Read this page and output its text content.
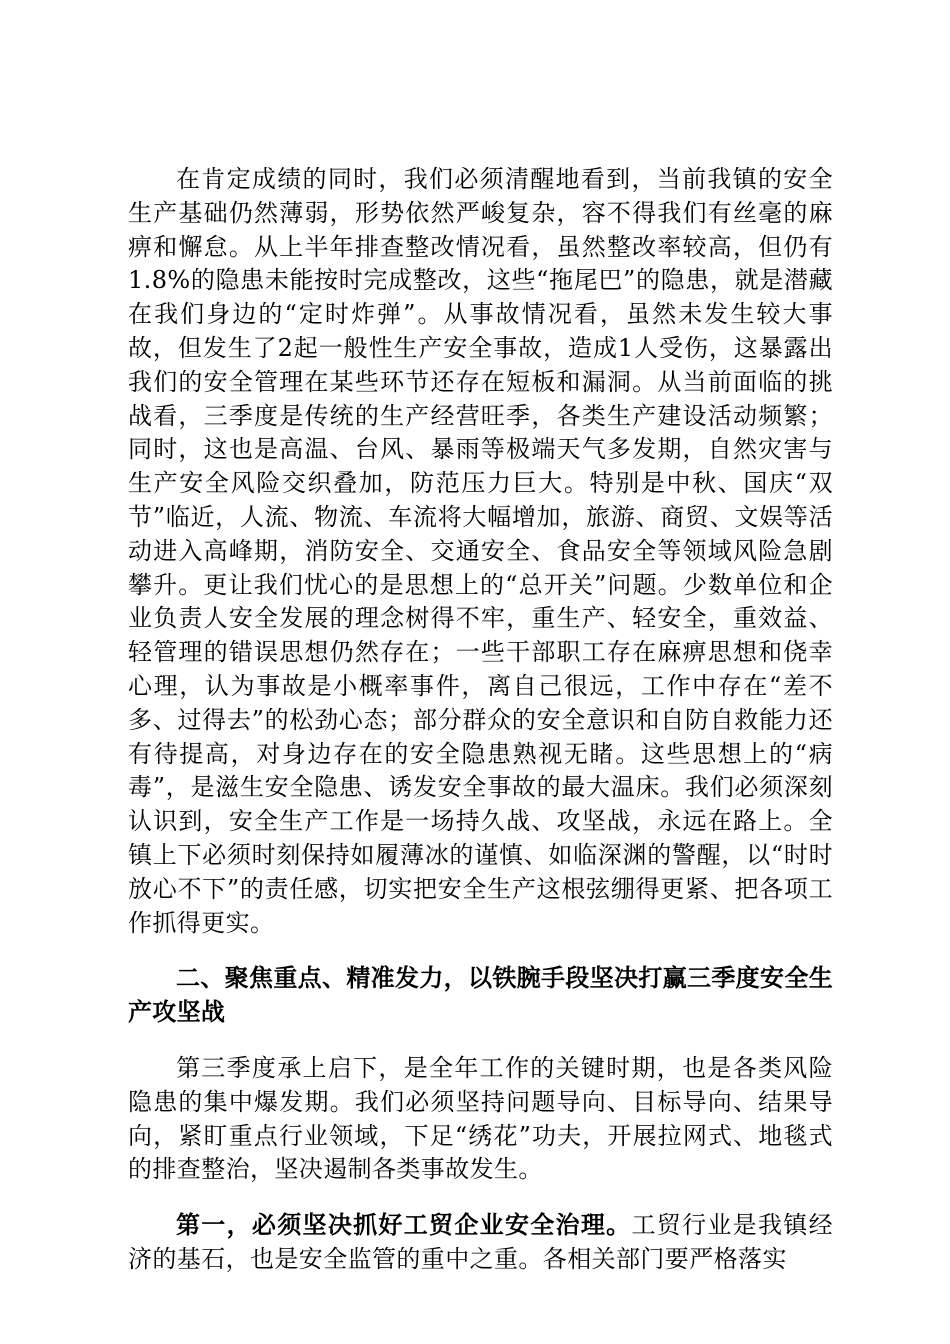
在肯定成绩的同时，我们必须清醒地看到，当前我镇的安全生产基础仍然薄弱，形势依然严峻复杂，容不得我们有丝毫的麻痹和懈怠。从上半年排查整改情况看，虽然整改率较高，但仍有1.8%的隐患未能按时完成整改，这些“拖尾巴”的隐患，就是潜藏在我们身边的“定时炸弹”。从事故情况看，虽然未发生较大事故，但发生了2起一般性生产安全事故，造成1人受伤，这暴露出我们的安全管理在某些环节还存在短板和漏洞。从当前面临的挑战看，三季度是传统的生产经营旺季，各类生产建设活动频繁；同时，这也是高温、台风、暴雨等极端天气多发期，自然灾害与生产安全风险交织叠加，防范压力巨大。特别是中秋、国庆“双节”临近，人流、物流、车流将大幅增加，旅游、商贸、文娱等活动进入高峰期，消防安全、交通安全、食品安全等领域风险急剧攀升。更让我们忧心的是思想上的“总开关”问题。少数单位和企业负责人安全发展的理念树得不牢，重生产、轻安全，重效益、轻管理的错误思想仍然存在；一些干部职工存在麻痹思想和侥幸心理，认为事故是小概率事件，离自己很远，工作中存在“差不多、过得去”的松劲心态；部分群众的安全意识和自防自救能力还有待提高，对身边存在的安全隐患熟视无睹。这些思想上的“病毒”，是滋生安全隐患、诱发安全事故的最大温床。我们必须深刻认识到，安全生产工作是一场持久战、攻坚战，永远在路上。全镇上下必须时刻保持如履薄冰的谨慎、如临深渊的警醒，以“时时放心不下”的责任感，切实把安全生产这根弦绷得更紧、把各项工作抓得更实。

二、聚焦重点、精准发力，以铁腕手段坚决打赢三季度安全生产攻坚战

第三季度承上启下，是全年工作的关键时期，也是各类风险隐患的集中爆发期。我们必须坚持问题导向、目标导向、结果导向，紧盯重点行业领域，下足“绣花”功夫，开展拉网式、地毯式的排查整治，坚决遏制各类事故发生。

第一，必须坚决抓好工贸企业安全治理。工贸行业是我镇经济的基石，也是安全监管的重中之重。各相关部门要严格落实
